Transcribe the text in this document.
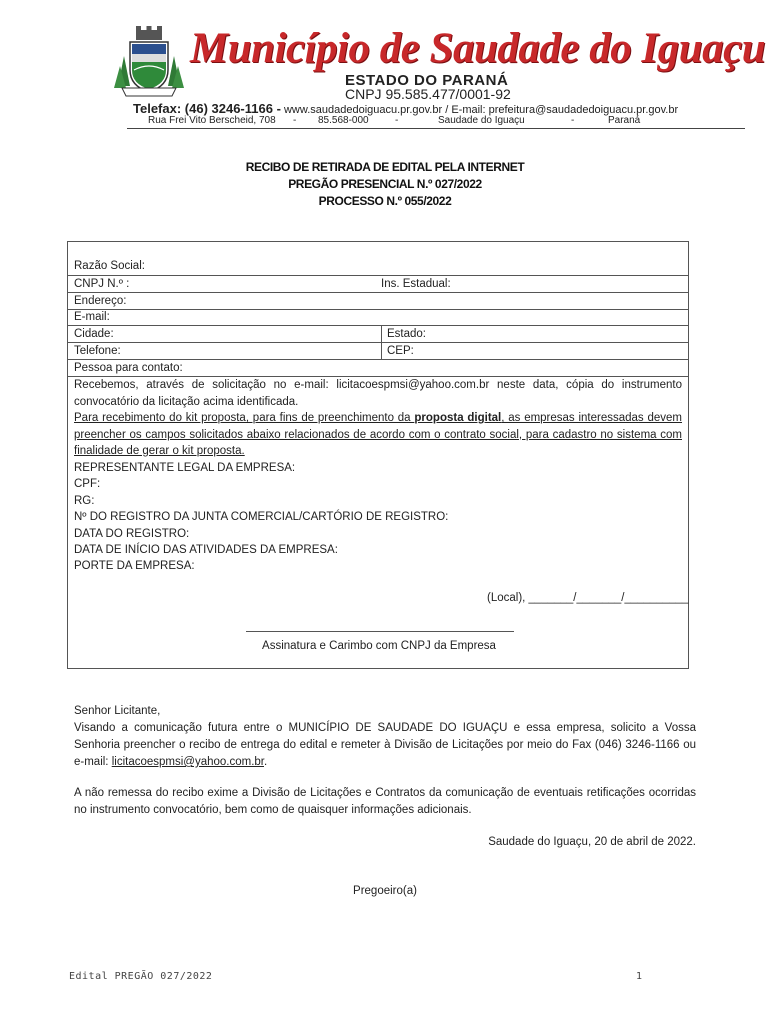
Município de Saudade do Iguaçu
ESTADO DO PARANÁ
CNPJ 95.585.477/0001-92
Telefax: (46) 3246-1166 - www.saudadedoiguacu.pr.gov.br / E-mail: prefeitura@saudadedoiguacu.pr.gov.br
Rua Frei Vito Berscheid, 708 - 85.568-000	-	Saudade do Iguaçu	-	Paraná
RECIBO DE RETIRADA DE EDITAL PELA INTERNET
PREGÃO PRESENCIAL N.º 027/2022
PROCESSO N.º 055/2022
Razão Social:
CNPJ N.º :	Ins. Estadual:
Endereço:
E-mail:
Cidade:	Estado:
Telefone:	CEP:
Pessoa para contato:
Recebemos, através de solicitação no e-mail: licitacoespmsi@yahoo.com.br neste data, cópia do instrumento convocatório da licitação acima identificada.
Para recebimento do kit proposta, para fins de preenchimento da proposta digital, as empresas interessadas devem preencher os campos solicitados abaixo relacionados de acordo com o contrato social, para cadastro no sistema com finalidade de gerar o kit proposta.
REPRESENTANTE LEGAL DA EMPRESA:
CPF:
RG:
Nº DO REGISTRO DA JUNTA COMERCIAL/CARTÓRIO DE REGISTRO:
DATA DO REGISTRO:
DATA DE INÍCIO DAS ATIVIDADES DA EMPRESA:
PORTE DA EMPRESA:
(Local), _______/_______/__________
Assinatura e Carimbo com CNPJ da Empresa
Senhor Licitante,
Visando a comunicação futura entre o MUNICÍPIO DE SAUDADE DO IGUAÇU e essa empresa, solicito a Vossa Senhoria preencher o recibo de entrega do edital e remeter à Divisão de Licitações por meio do Fax (046) 3246-1166 ou e-mail: licitacoespmsi@yahoo.com.br.
A não remessa do recibo exime a Divisão de Licitações e Contratos da comunicação de eventuais retificações ocorridas no instrumento convocatório, bem como de quaisquer informações adicionais.
Saudade do Iguaçu, 20 de abril de 2022.
Pregoeiro(a)
Edital PREGÃO 027/2022	1
